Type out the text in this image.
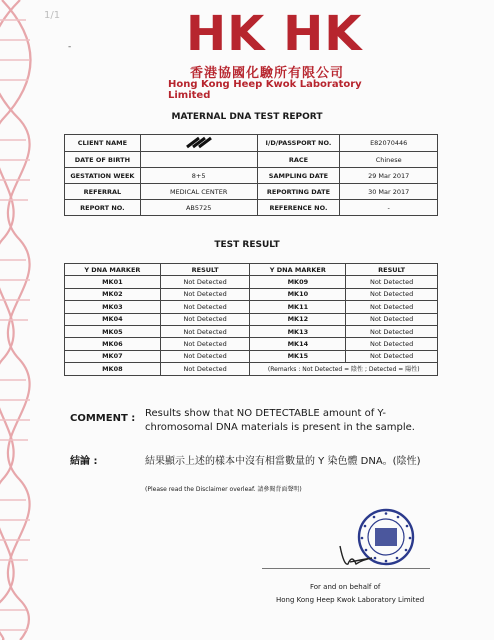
1/1
- HK HK
香港協國化驗所有限公司
Hong Kong Heep Kwok Laboratory Limited
MATERNAL DNA TEST REPORT
CLIENT NAME		I/D/PASSPORT NO.	E82070446
DATE OF BIRTH		RACE	Chinese
GESTATION WEEK	8+5	SAMPLING DATE	29 Mar 2017
REFERRAL	MEDICAL CENTER	REPORTING DATE	30 Mar 2017
REPORT NO.	AB5725	REFERENCE NO.	-
TEST RESULT
Y DNA MARKER	RESULT	Y DNA MARKER	RESULT
MK01	Not Detected	MK09	Not Detected
MK02	Not Detected	MK10	Not Detected
MK03	Not Detected	MK11	Not Detected
MK04	Not Detected	MK12	Not Detected
MK05	Not Detected	MK13	Not Detected
MK06	Not Detected	MK14	Not Detected
MK07	Not Detected	MK15	Not Detected
MK08	Not Detected	(Remarks : Not Detected = 陰性 ; Detected = 陽性)	
COMMENT : Results show that NO DETECTABLE amount of Y-chromosomal DNA materials is present in the sample.
結論 :	結果顯示上述的樣本中沒有相當數量的 Y 染色體 DNA。(陰性)
(Please read the Disclaimer overleaf. 請參閱背面聲明)
For and on behalf of
Hong Kong Heep Kwok Laboratory Limited
